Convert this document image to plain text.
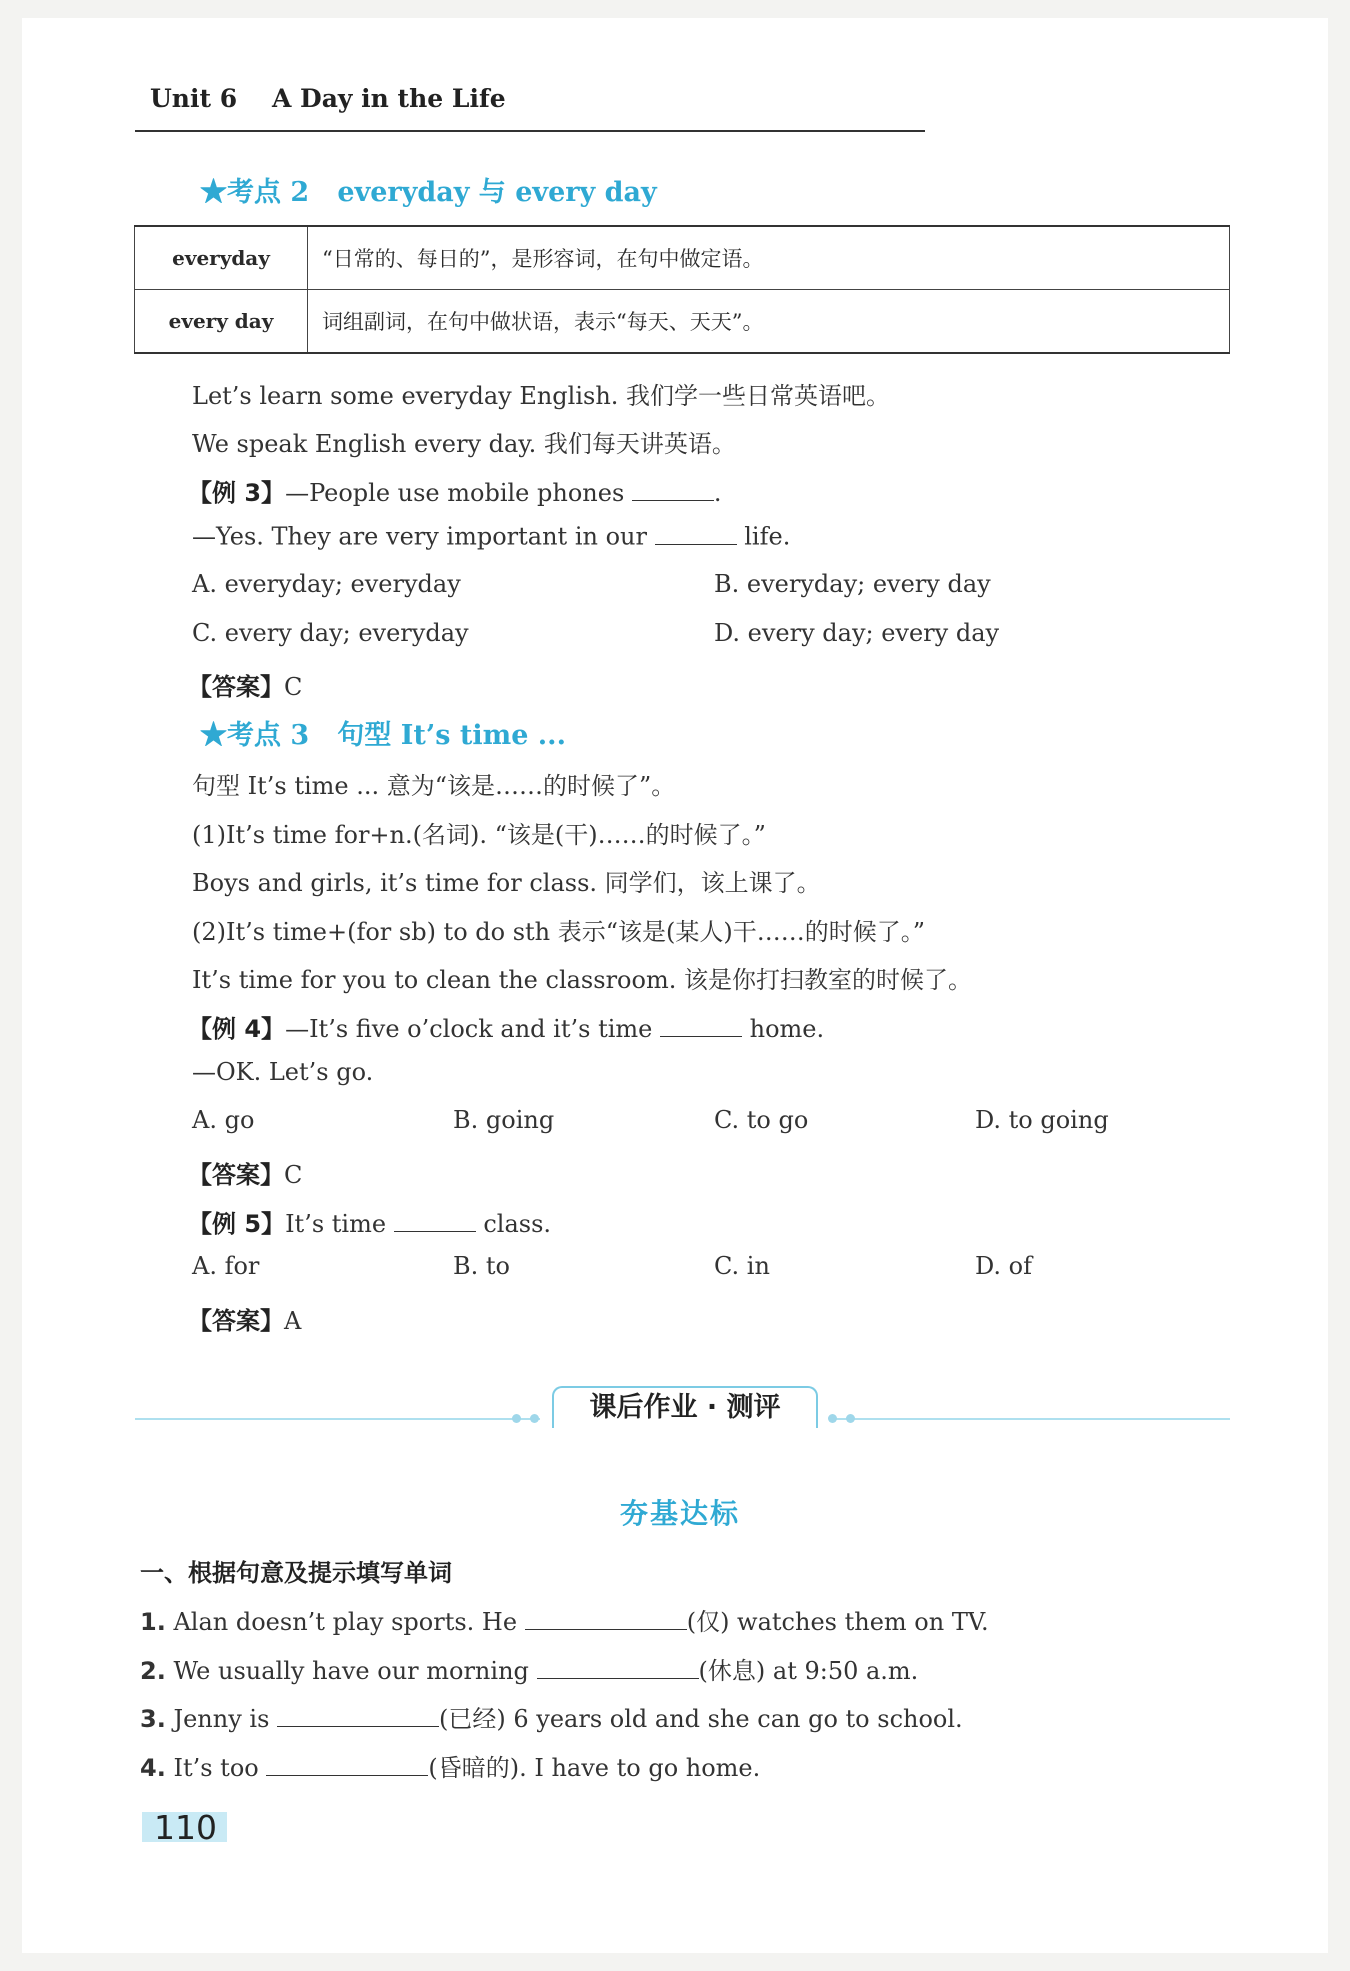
Unit 6 A Day in the Life
★考点 2 everyday 与 every day
everyday	“日常的、每日的”，是形容词，在句中做定语。
every day	词组副词，在句中做状语，表示“每天、天天”。
Let’s learn some everyday English. 我们学一些日常英语吧。
We speak English every day. 我们每天讲英语。
【例 3】—People use mobile phones	.
—Yes. They are very important in our	life.
A. everyday; everyday	B. everyday; every day
C. every day; everyday	D. every day; every day
【答案】C
★考点 3 句型 It’s time ...
句型 It’s time ... 意为“该是……的时候了”。
(1)It’s time for+n.(名词). “该是(干)……的时候了。”
Boys and girls, it’s time for class. 同学们，该上课了。
(2)It’s time+(for sb) to do sth 表示“该是(某人)干……的时候了。”
It’s time for you to clean the classroom. 该是你打扫教室的时候了。
【例 4】—It’s five o’clock and it’s time	home.
—OK. Let’s go.
A. go	B. going	C. to go	D. to going
【答案】C
【例 5】It’s time	class.
A. for	B. to	C. in	D. of
【答案】A
课后作业 · 测评
夯基达标
一、根据句意及提示填写单词
1. Alan doesn’t play sports. He	(仅) watches them on TV.
2. We usually have our morning	(休息) at 9:50 a.m.
3. Jenny is	(已经) 6 years old and she can go to school.
4. It’s too	(昏暗的). I have to go home.
110
